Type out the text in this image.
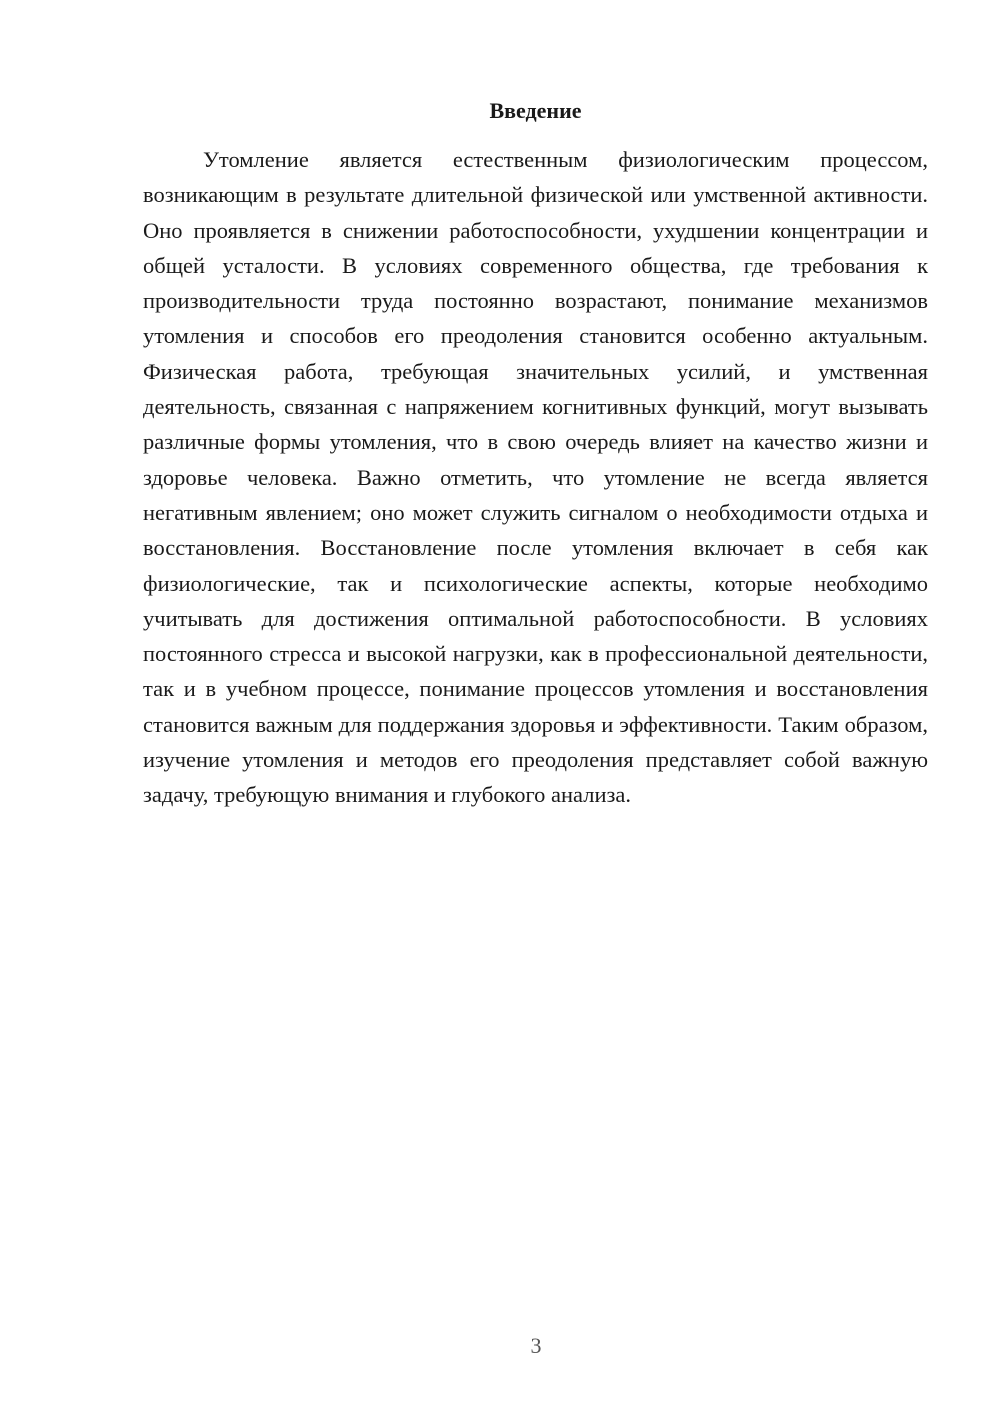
Введение

Утомление является естественным физиологическим процессом, возникающим в результате длительной физической или умственной активности. Оно проявляется в снижении работоспособности, ухудшении концентрации и общей усталости. В условиях современного общества, где требования к производительности труда постоянно возрастают, понимание механизмов утомления и способов его преодоления становится особенно актуальным. Физическая работа, требующая значительных усилий, и умственная деятельность, связанная с напряжением когнитивных функций, могут вызывать различные формы утомления, что в свою очередь влияет на качество жизни и здоровье человека. Важно отметить, что утомление не всегда является негативным явлением; оно может служить сигналом о необходимости отдыха и восстановления. Восстановление после утомления включает в себя как физиологические, так и психологические аспекты, которые необходимо учитывать для достижения оптимальной работоспособности. В условиях постоянного стресса и высокой нагрузки, как в профессиональной деятельности, так и в учебном процессе, понимание процессов утомления и восстановления становится важным для поддержания здоровья и эффективности. Таким образом, изучение утомления и методов его преодоления представляет собой важную задачу, требующую внимания и глубокого анализа.

3
